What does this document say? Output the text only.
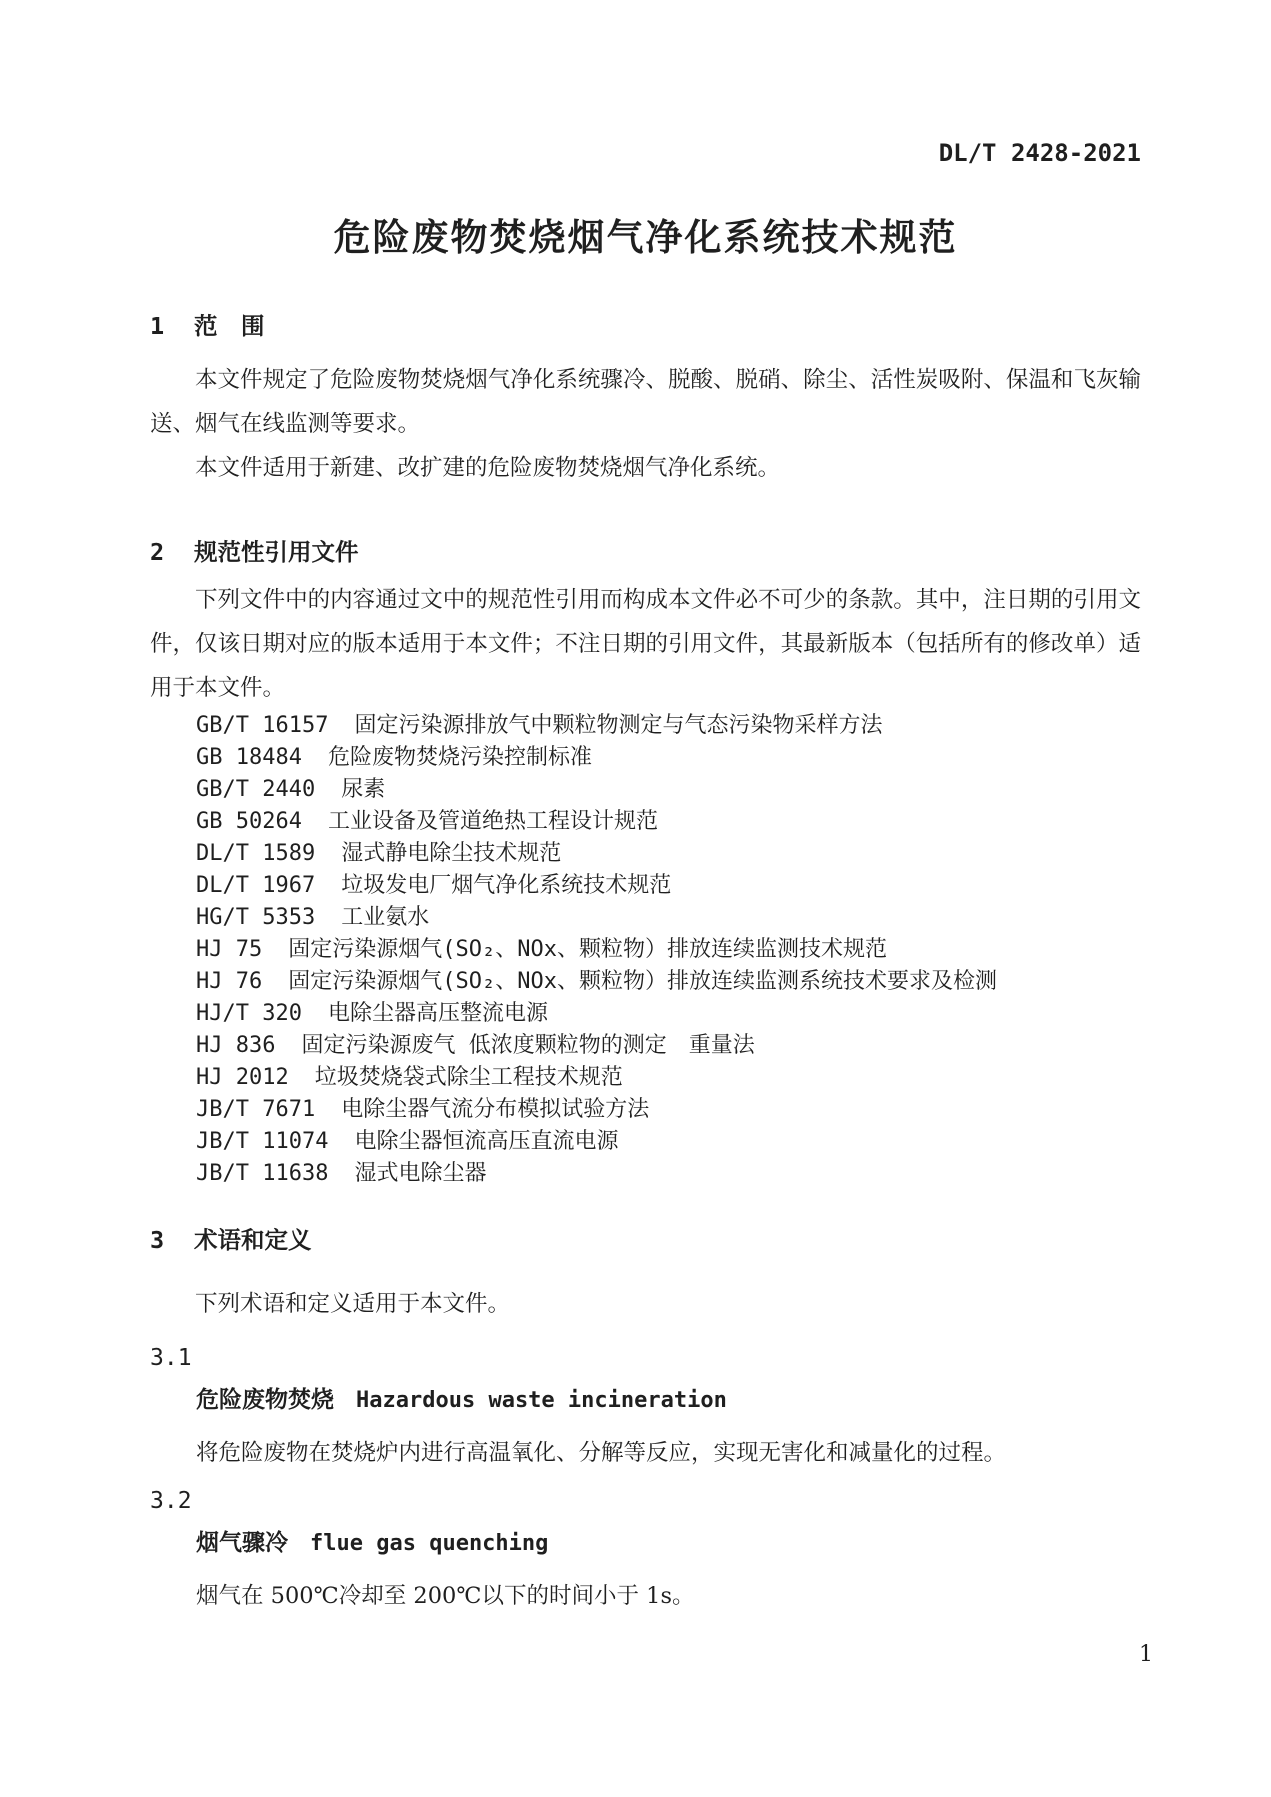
DL/T 2428-2021
危险废物焚烧烟气净化系统技术规范
1 范　围
本文件规定了危险废物焚烧烟气净化系统骤冷、脱酸、脱硝、除尘、活性炭吸附、保温和飞灰输送、烟气在线监测等要求。
本文件适用于新建、改扩建的危险废物焚烧烟气净化系统。
2 规范性引用文件
下列文件中的内容通过文中的规范性引用而构成本文件必不可少的条款。其中，注日期的引用文件，仅该日期对应的版本适用于本文件；不注日期的引用文件，其最新版本（包括所有的修改单）适用于本文件。
GB/T 16157 固定污染源排放气中颗粒物测定与气态污染物采样方法
GB 18484 危险废物焚烧污染控制标准
GB/T 2440 尿素
GB 50264 工业设备及管道绝热工程设计规范
DL/T 1589 湿式静电除尘技术规范
DL/T 1967 垃圾发电厂烟气净化系统技术规范
HG/T 5353 工业氨水
HJ 75 固定污染源烟气(SO₂、NOx、颗粒物）排放连续监测技术规范
HJ 76 固定污染源烟气(SO₂、NOx、颗粒物）排放连续监测系统技术要求及检测
HJ/T 320 电除尘器高压整流电源
HJ 836 固定污染源废气 低浓度颗粒物的测定　重量法
HJ 2012 垃圾焚烧袋式除尘工程技术规范
JB/T 7671 电除尘器气流分布模拟试验方法
JB/T 11074 电除尘器恒流高压直流电源
JB/T 11638 湿式电除尘器
3 术语和定义
下列术语和定义适用于本文件。
3.1
危险废物焚烧 Hazardous waste incineration
将危险废物在焚烧炉内进行高温氧化、分解等反应，实现无害化和减量化的过程。
3.2
烟气骤冷 flue gas quenching
烟气在 500℃冷却至 200℃以下的时间小于 1s。
1
